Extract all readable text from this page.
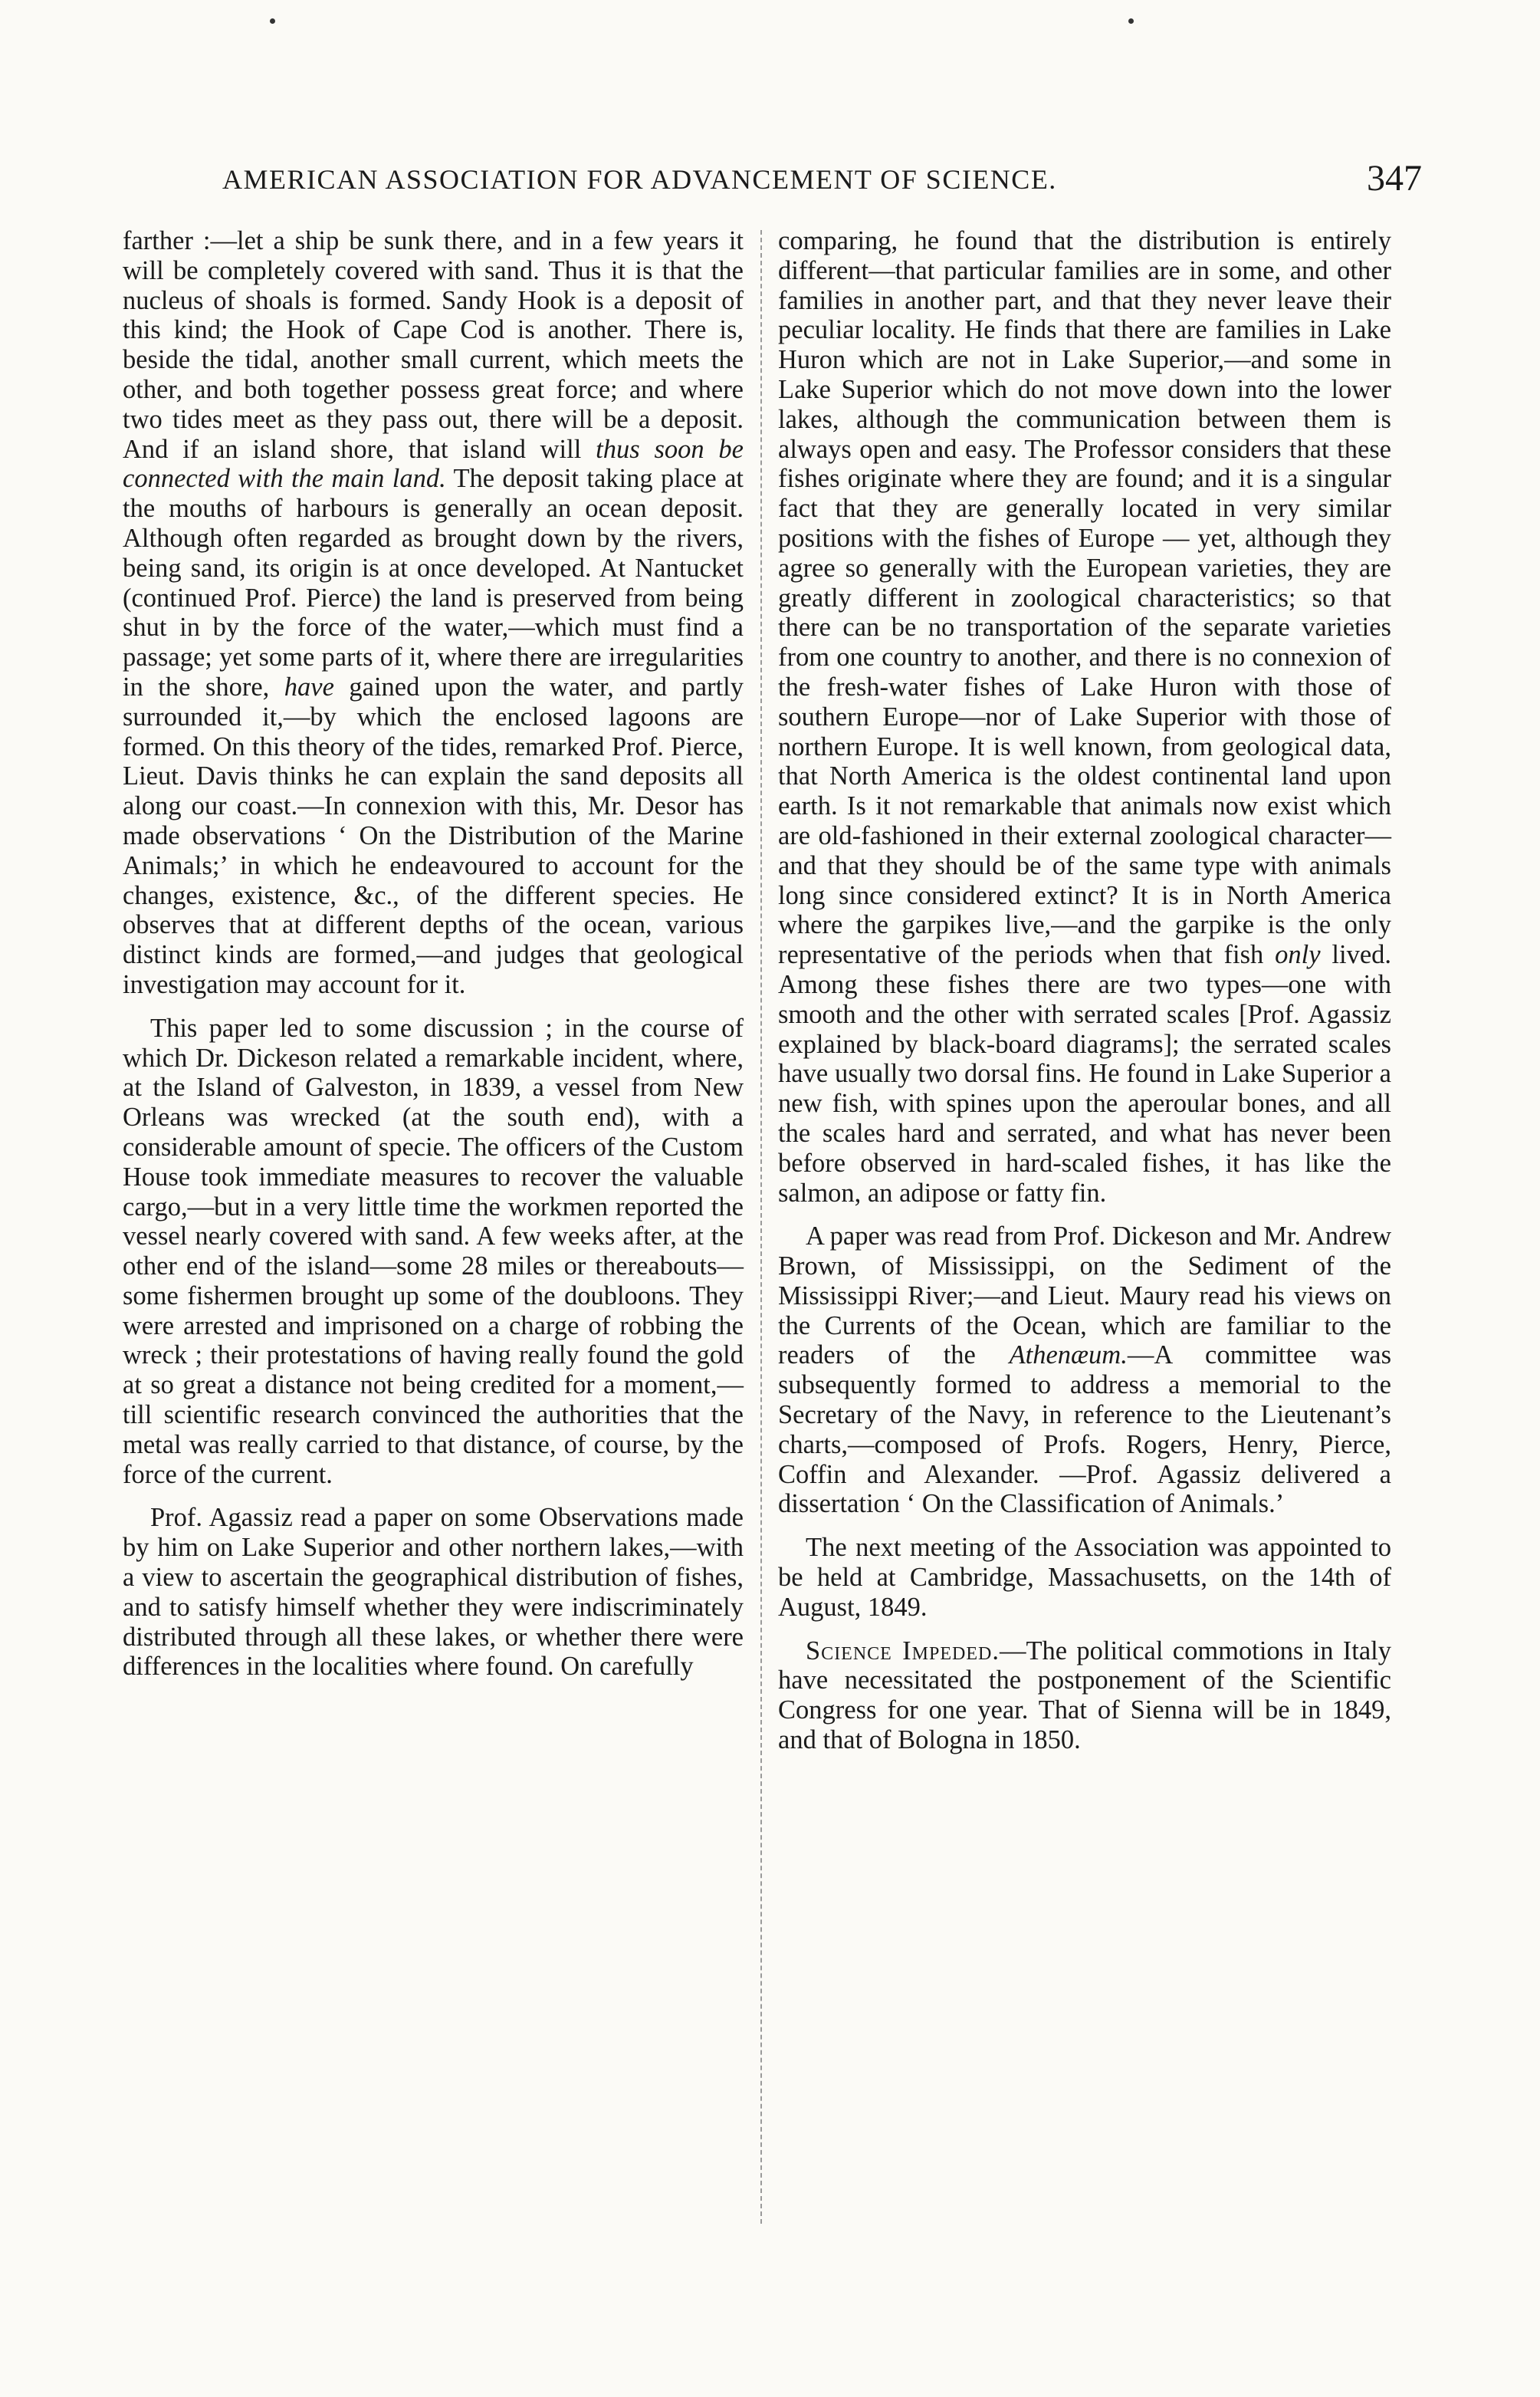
AMERICAN ASSOCIATION FOR ADVANCEMENT OF SCIENCE.	347

farther :—let a ship be sunk there, and in a few years it will be completely covered with sand. Thus it is that the nucleus of shoals is formed. Sandy Hook is a deposit of this kind; the Hook of Cape Cod is another. There is, beside the tidal, another small current, which meets the other, and both together possess great force; and where two tides meet as they pass out, there will be a deposit. And if an island shore, that island will thus soon be connected with the main land. The deposit taking place at the mouths of harbours is generally an ocean deposit. Although often regarded as brought down by the rivers, being sand, its origin is at once developed. At Nantucket (continued Prof. Pierce) the land is preserved from being shut in by the force of the water,—which must find a passage; yet some parts of it, where there are irregularities in the shore, have gained upon the water, and partly surrounded it,—by which the enclosed lagoons are formed. On this theory of the tides, remarked Prof. Pierce, Lieut. Davis thinks he can explain the sand deposits all along our coast.—In connexion with this, Mr. Desor has made observations ‘ On the Distribution of the Marine Animals;’ in which he endeavoured to account for the changes, existence, &c., of the different species. He observes that at different depths of the ocean, various distinct kinds are formed,—and judges that geological investigation may account for it.

This paper led to some discussion ; in the course of which Dr. Dickeson related a remarkable incident, where, at the Island of Galveston, in 1839, a vessel from New Orleans was wrecked (at the south end), with a considerable amount of specie. The officers of the Custom House took immediate measures to recover the valuable cargo,—but in a very little time the workmen reported the vessel nearly covered with sand. A few weeks after, at the other end of the island—some 28 miles or thereabouts—some fishermen brought up some of the doubloons. They were arrested and imprisoned on a charge of robbing the wreck ; their protestations of having really found the gold at so great a distance not being credited for a moment,—till scientific research convinced the authorities that the metal was really carried to that distance, of course, by the force of the current.

Prof. Agassiz read a paper on some Observations made by him on Lake Superior and other northern lakes,—with a view to ascertain the geographical distribution of fishes, and to satisfy himself whether they were indiscriminately distributed through all these lakes, or whether there were differences in the localities where found. On carefully

comparing, he found that the distribution is entirely different—that particular families are in some, and other families in another part, and that they never leave their peculiar locality. He finds that there are families in Lake Huron which are not in Lake Superior,—and some in Lake Superior which do not move down into the lower lakes, although the communication between them is always open and easy. The Professor considers that these fishes originate where they are found; and it is a singular fact that they are generally located in very similar positions with the fishes of Europe — yet, although they agree so generally with the European varieties, they are greatly different in zoological characteristics; so that there can be no transportation of the separate varieties from one country to another, and there is no connexion of the fresh-water fishes of Lake Huron with those of southern Europe—nor of Lake Superior with those of northern Europe. It is well known, from geological data, that North America is the oldest continental land upon earth. Is it not remarkable that animals now exist which are old-fashioned in their external zoological character—and that they should be of the same type with animals long since considered extinct? It is in North America where the garpikes live,—and the garpike is the only representative of the periods when that fish only lived. Among these fishes there are two types—one with smooth and the other with serrated scales [Prof. Agassiz explained by black-board diagrams]; the serrated scales have usually two dorsal fins. He found in Lake Superior a new fish, with spines upon the aperoular bones, and all the scales hard and serrated, and what has never been before observed in hard-scaled fishes, it has like the salmon, an adipose or fatty fin.

A paper was read from Prof. Dickeson and Mr. Andrew Brown, of Mississippi, on the Sediment of the Mississippi River;—and Lieut. Maury read his views on the Currents of the Ocean, which are familiar to the readers of the Athenæum.—A committee was subsequently formed to address a memorial to the Secretary of the Navy, in reference to the Lieutenant’s charts,—composed of Profs. Rogers, Henry, Pierce, Coffin and Alexander. —Prof. Agassiz delivered a dissertation ‘ On the Classification of Animals.’

The next meeting of the Association was appointed to be held at Cambridge, Massachusetts, on the 14th of August, 1849.

Science Impeded.—The political commotions in Italy have necessitated the postponement of the Scientific Congress for one year. That of Sienna will be in 1849, and that of Bologna in 1850.
